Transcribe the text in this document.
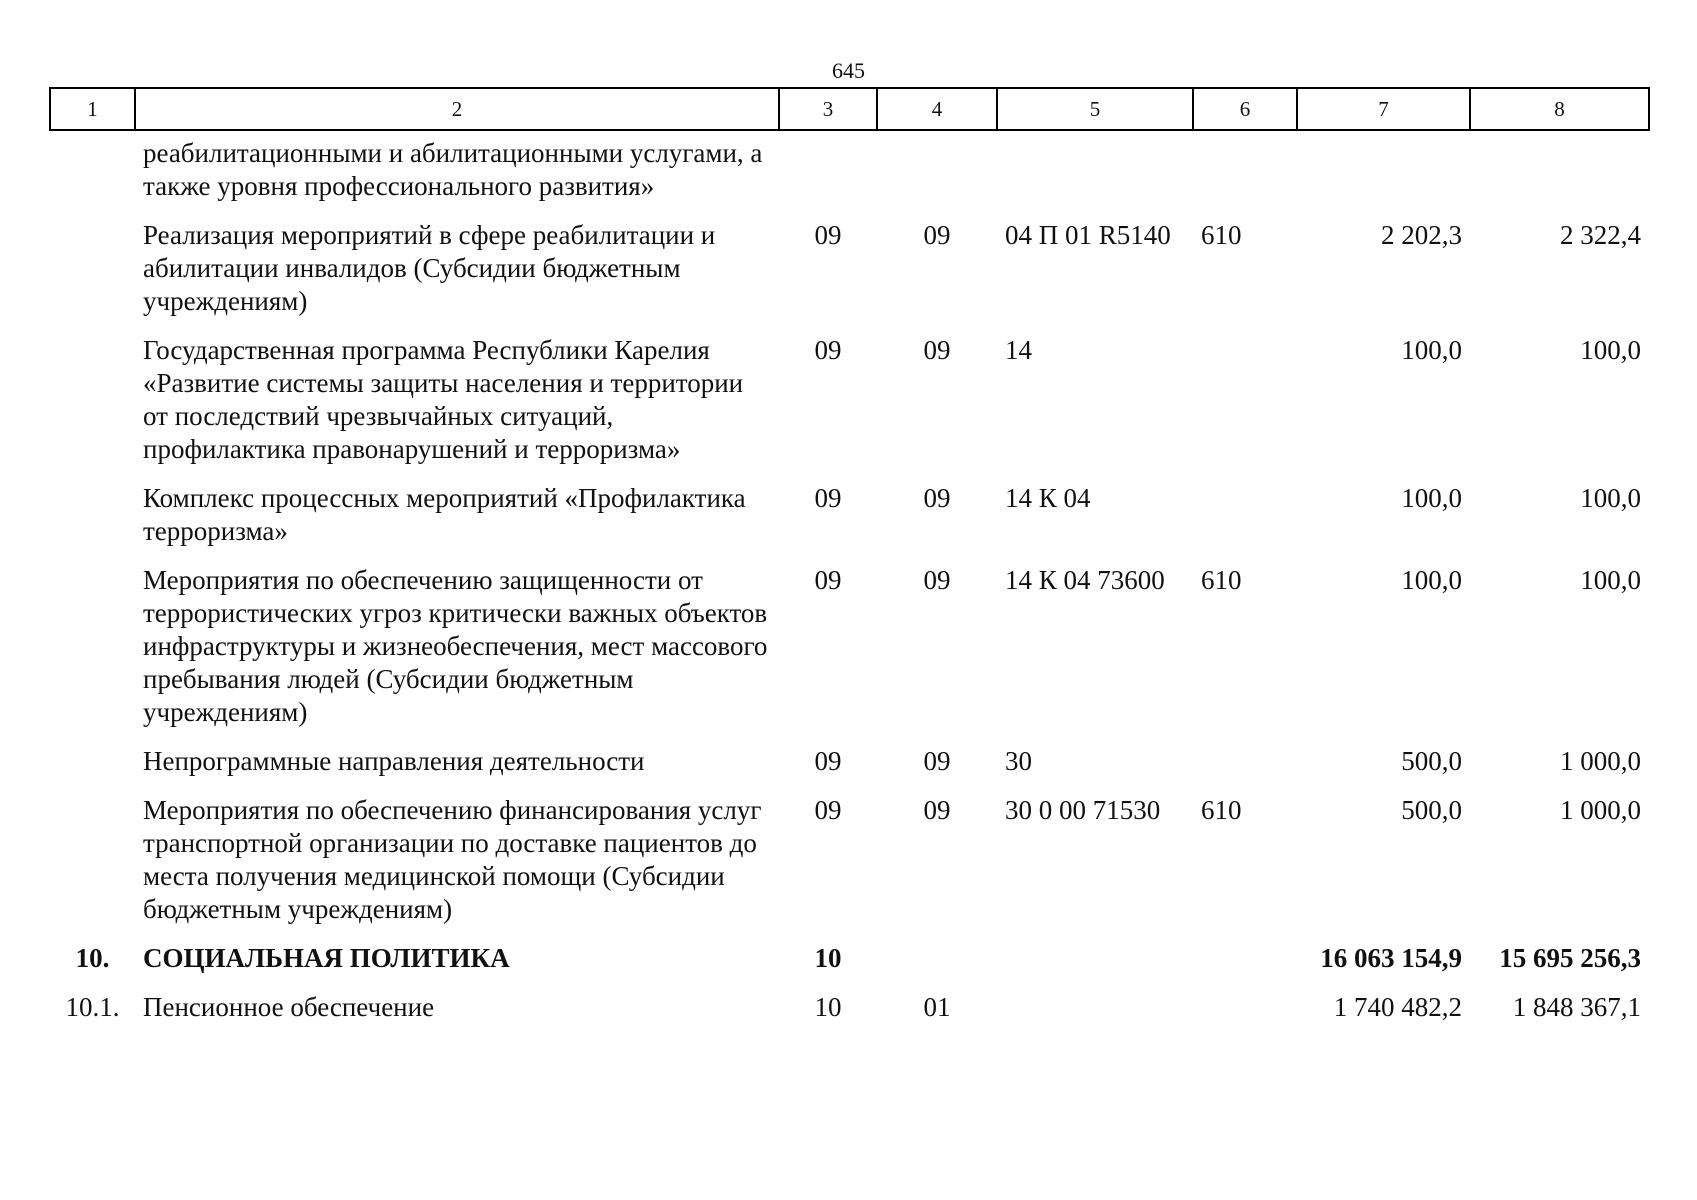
645
1	2	3	4	5	6	7	8
	реабилитационными и абилитационными услугами, а также уровня профессионального развития»						
	Реализация мероприятий в сфере реабилитации и абилитации инвалидов (Субсидии бюджетным учреждениям)	09	09	04 П 01 R5140	610	2 202,3	2 322,4
	Государственная программа Республики Карелия «Развитие системы защиты населения и территории от последствий чрезвычайных ситуаций, профилактика правонарушений и терроризма»	09	09	14		100,0	100,0
	Комплекс процессных мероприятий «Профилактика терроризма»	09	09	14 К 04		100,0	100,0
	Мероприятия по обеспечению защищенности от террористических угроз критически важных объектов инфраструктуры и жизнеобеспечения, мест массового пребывания людей (Субсидии бюджетным учреждениям)	09	09	14 К 04 73600	610	100,0	100,0
	Непрограммные направления деятельности	09	09	30		500,0	1 000,0
	Мероприятия по обеспечению финансирования услуг транспортной организации по доставке пациентов до места получения медицинской помощи (Субсидии бюджетным учреждениям)	09	09	30 0 00 71530	610	500,0	1 000,0
10.	СОЦИАЛЬНАЯ ПОЛИТИКА	10				16 063 154,9	15 695 256,3
10.1.	Пенсионное обеспечение	10	01			1 740 482,2	1 848 367,1
